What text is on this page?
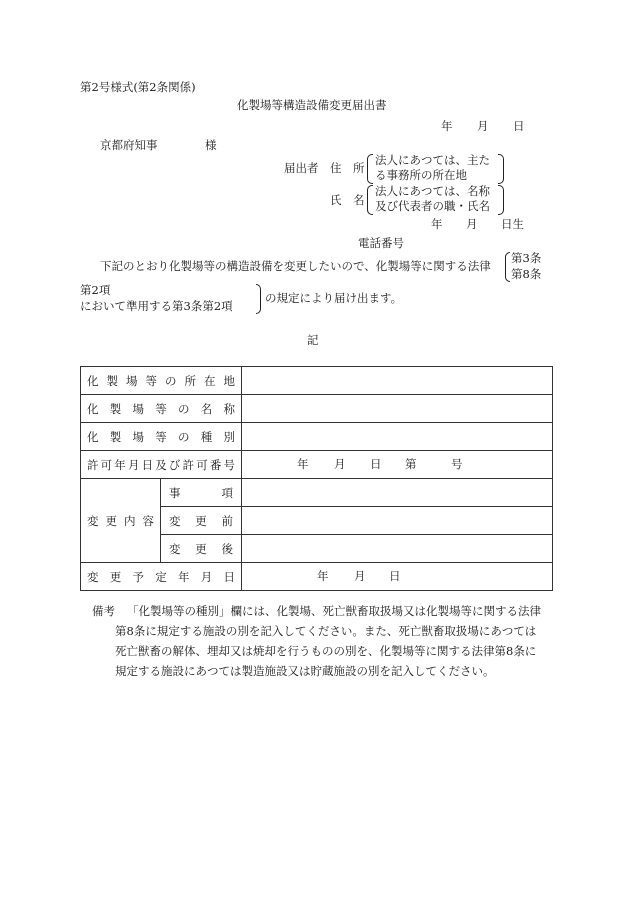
第2号様式(第2条関係)
化製場等構造設備変更届出書
年 月 日
京都府知事	様
届出者 住　所
法人にあつては、主た
る事務所の所在地
氏　名
法人にあつては、名称
及び代表者の職・氏名
年 月 日生
電話番号
下記のとおり化製場等の構造設備を変更したいので、化製場等に関する法律
第3条
第8条
第2項
において準用する第3条第2項
の規定により届け出ます。
記
化製場等の所在地		
化製場等の名称		
化製場等の種別		
許可年月日及び許可番号		年 月 日 第 号

変更内容	事項	
	変更前	
	変更後	
変更予定年月日		年 月 日
備考 「化製場等の種別」欄には、化製場、死亡獣畜取扱場又は化製場等に関する法律
第8条に規定する施設の別を記入してください。また、死亡獣畜取扱場にあつては
死亡獣畜の解体、埋却又は焼却を行うものの別を、化製場等に関する法律第8条に
規定する施設にあつては製造施設又は貯蔵施設の別を記入してください。
